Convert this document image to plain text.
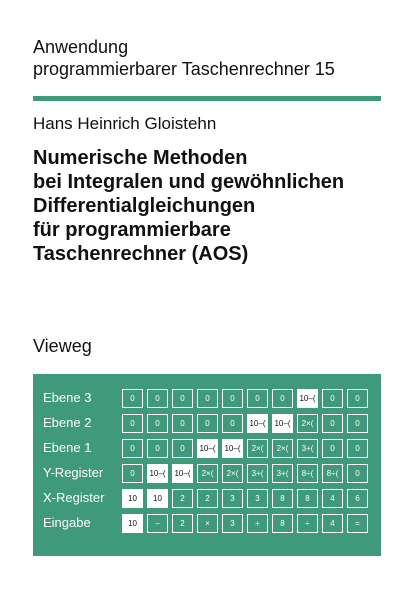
Anwendung
programmierbarer Taschenrechner 15
Hans Heinrich Gloistehn
Numerische Methoden
bei Integralen und gewöhnlichen
Differentialgleichungen
für programmierbare
Taschenrechner (AOS)
Vieweg
Ebene 3	0	0	0	0	0	0	0	10–(	0	0
Ebene 2	0	0	0	0	0	10–(	10–(	2×(	0	0
Ebene 1	0	0	0	10–(	10–(	2×(	2×(	3+(	0	0
Y-Register	0	10–(	10–(	2×(	2×(	3+(	3+(	8÷(	8÷(	0
X-Register	10	10	2	2	3	3	8	8	4	6
Eingabe	10	–	2	×	3	+	8	÷	4	=
